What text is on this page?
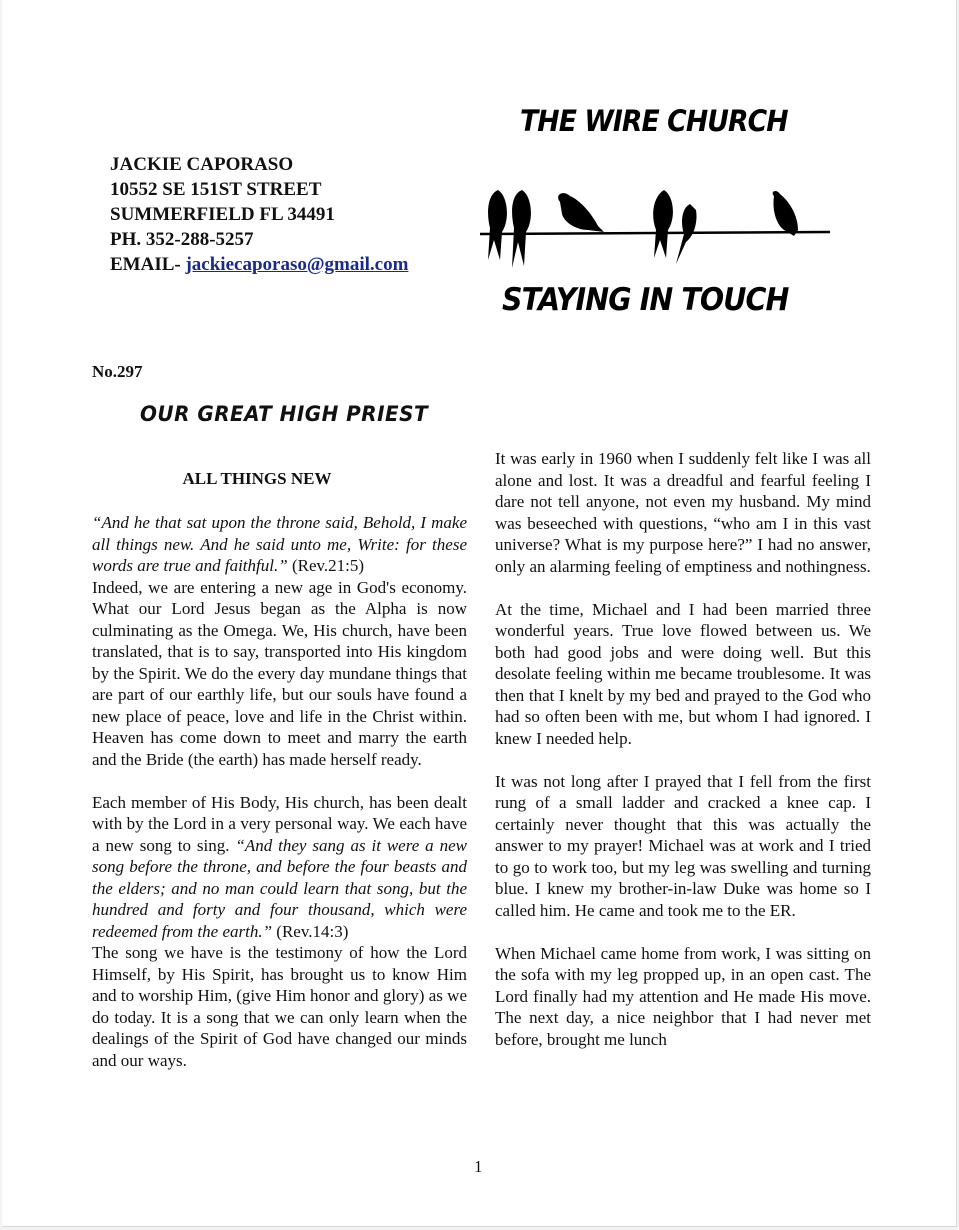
JACKIE CAPORASO
10552 SE 151ST STREET
SUMMERFIELD FL 34491
PH. 352-288-5257
EMAIL- jackiecaporaso@gmail.com
THE WIRE CHURCH
STAYING IN TOUCH
No.297
OUR GREAT HIGH PRIEST
ALL THINGS NEW

“And he that sat upon the throne said, Behold, I make all things new. And he said unto me, Write: for these words are true and faithful.” (Rev.21:5)

Indeed, we are entering a new age in God's economy. What our Lord Jesus began as the Alpha is now culminating as the Omega. We, His church, have been translated, that is to say, transported into His kingdom by the Spirit. We do the every day mundane things that are part of our earthly life, but our souls have found a new place of peace, love and life in the Christ within. Heaven has come down to meet and marry the earth and the Bride (the earth) has made herself ready.

Each member of His Body, His church, has been dealt with by the Lord in a very personal way. We each have a new song to sing. “And they sang as it were a new song before the throne, and before the four beasts and the elders; and no man could learn that song, but the hundred and forty and four thousand, which were redeemed from the earth.” (Rev.14:3)

The song we have is the testimony of how the Lord Himself, by His Spirit, has brought us to know Him and to worship Him, (give Him honor and glory) as we do today. It is a song that we can only learn when the dealings of the Spirit of God have changed our minds and our ways.

It was early in 1960 when I suddenly felt like I was all alone and lost. It was a dreadful and fearful feeling I dare not tell anyone, not even my husband. My mind was beseeched with questions, “who am I in this vast universe? What is my purpose here?” I had no answer, only an alarming feeling of emptiness and nothingness.

At the time, Michael and I had been married three wonderful years. True love flowed between us. We both had good jobs and were doing well. But this desolate feeling within me became troublesome. It was then that I knelt by my bed and prayed to the God who had so often been with me, but whom I had ignored. I knew I needed help.

It was not long after I prayed that I fell from the first rung of a small ladder and cracked a knee cap. I certainly never thought that this was actually the answer to my prayer! Michael was at work and I tried to go to work too, but my leg was swelling and turning blue. I knew my brother-in-law Duke was home so I called him. He came and took me to the ER.

When Michael came home from work, I was sitting on the sofa with my leg propped up, in an open cast. The Lord finally had my attention and He made His move. The next day, a nice neighbor that I had never met before, brought me lunch

1
